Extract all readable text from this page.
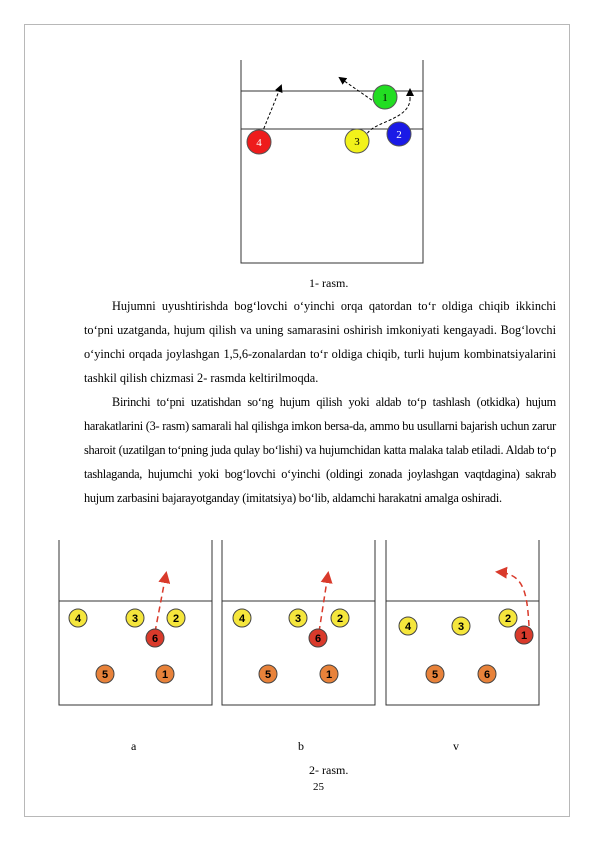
1
2
3
4
1- rasm.

Hujumni uyushtirishda bog‘lovchi o‘yinchi orqa qatordan to‘r oldiga chiqib ikkinchi to‘pni uzatganda, hujum qilish va uning samarasini oshirish imkoniyati kengayadi. Bog‘lovchi o‘yinchi orqada joylashgan 1,5,6-zonalardan to‘r oldiga chiqib, turli hujum kombinatsiyalarini tashkil qilish chizmasi 2- rasmda keltirilmoqda.

Birinchi to‘pni uzatishdan so‘ng hujum qilish yoki aldab to‘p tashlash (otkidka) hujum harakatlarini (3- rasm) samarali hal qilishga imkon bersa-da, ammo bu usullarni bajarish uchun zarur sharoit (uzatilgan to‘pning juda qulay bo‘lishi) va hujumchidan katta malaka talab etiladi. Aldab to‘p tashlaganda, hujumchi yoki bog‘lovchi o‘yinchi (oldingi zonada joylashgan vaqtdagina) sakrab hujum zarbasini bajarayotganday (imitatsiya) bo‘lib, aldamchi harakatni amalga oshiradi.

4	3	2
6
5	1
4	3	2
6
5	1
4	3
2
1
5	6
a	b	v
2- rasm.
25
